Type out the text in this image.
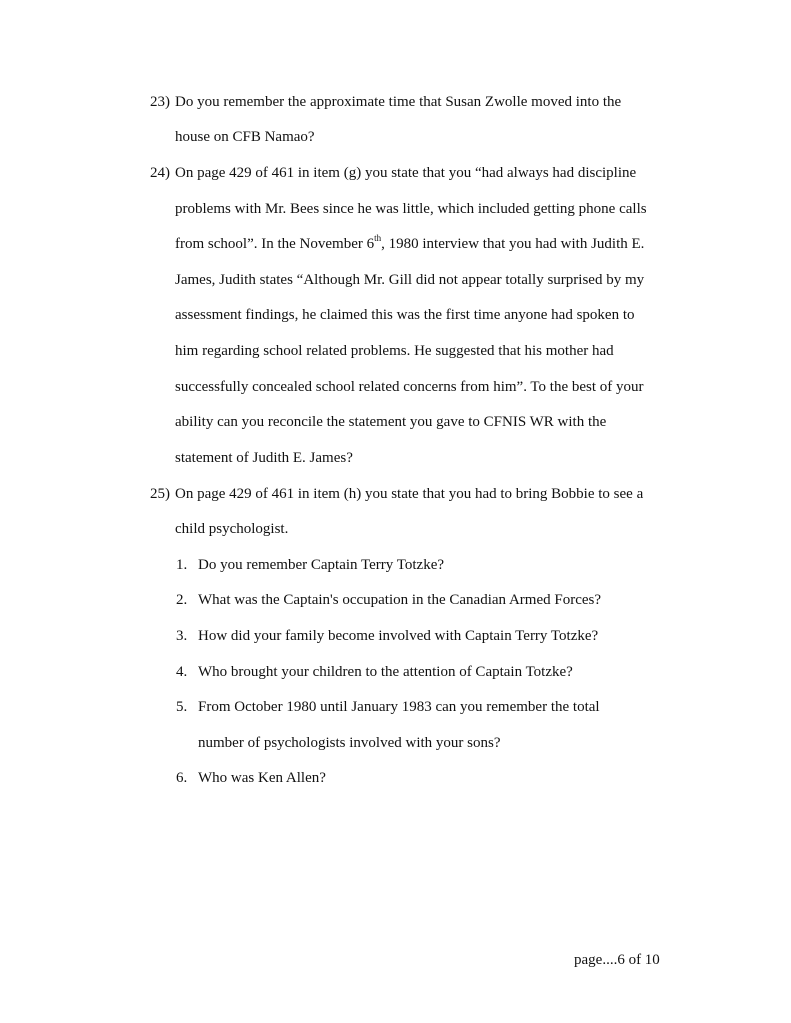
23) Do you remember the approximate time that Susan Zwolle moved into the
house on CFB Namao?
24) On page 429 of 461 in item (g) you state that you “had always had discipline
problems with Mr. Bees since he was little, which included getting phone calls
from school”. In the November 6th, 1980 interview that you had with Judith E.
James, Judith states “Although Mr. Gill did not appear totally surprised by my
assessment findings, he claimed this was the first time anyone had spoken to
him regarding school related problems. He suggested that his mother had
successfully concealed school related concerns from him”. To the best of your
ability can you reconcile the statement you gave to CFNIS WR with the
statement of Judith E. James?
25) On page 429 of 461 in item (h) you state that you had to bring Bobbie to see a
child psychologist.
1. Do you remember Captain Terry Totzke?
2. What was the Captain's occupation in the Canadian Armed Forces?
3. How did your family become involved with Captain Terry Totzke?
4. Who brought your children to the attention of Captain Totzke?
5. From October 1980 until January 1983 can you remember the total
number of psychologists involved with your sons?
6. Who was Ken Allen?
page....6 of 10
